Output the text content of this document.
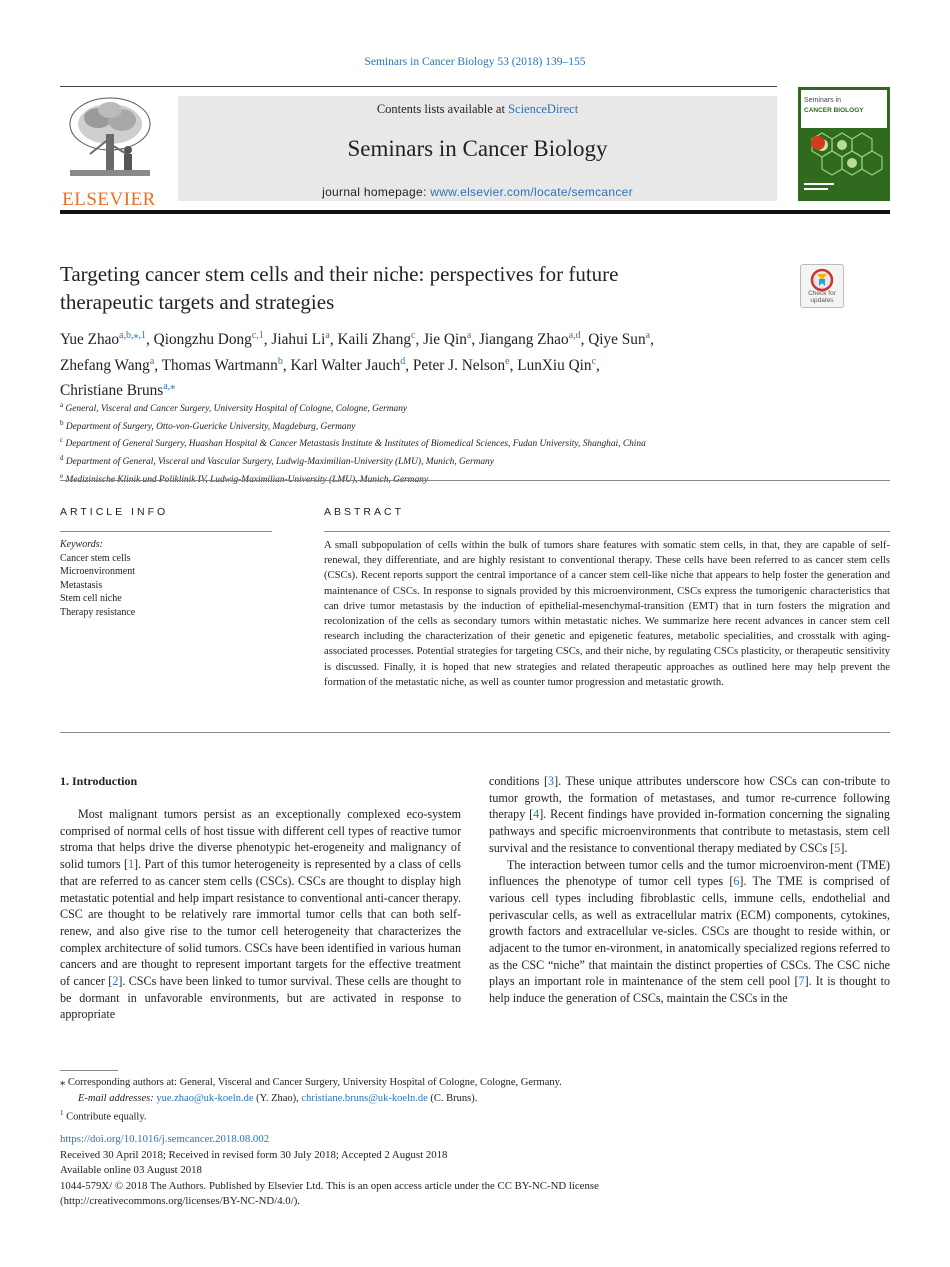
Seminars in Cancer Biology 53 (2018) 139–155
ELSEVIER
Contents lists available at ScienceDirect
Seminars in Cancer Biology
journal homepage: www.elsevier.com/locate/semcancer
Seminars in
CANCER BIOLOGY
Targeting cancer stem cells and their niche: perspectives for future
therapeutic targets and strategies	Check for
updates
Yue Zhao$^{a,b,⁎,1}$, Qiongzhu Dong$^{c,1}$, Jiahui Li$^a$, Kaili Zhang$^c$, Jie Qin$^a$, Jiangang Zhao$^{a,d}$, Qiye Sun$^a$,
Zhefang Wang$^a$, Thomas Wartmann$^b$, Karl Walter Jauch$^d$, Peter J. Nelson$^e$, LunXiu Qin$^c$,
Christiane Bruns$^{a,⁎}$
$^a$ General, Visceral and Cancer Surgery, University Hospital of Cologne, Cologne, Germany
$^b$ Department of Surgery, Otto-von-Guericke University, Magdeburg, Germany
$^c$ Department of General Surgery, Huashan Hospital & Cancer Metastasis Institute & Institutes of Biomedical Sciences, Fudan University, Shanghai, China
$^d$ Department of General, Visceral und Vascular Surgery, Ludwig-Maximilian-University (LMU), Munich, Germany
$^e$ Medizinische Klinik und Poliklinik IV, Ludwig-Maximilian-University (LMU), Munich, Germany
ARTICLE INFO	ABSTRACT
Keywords:
Cancer stem cells
Microenvironment
Metastasis
Stem cell niche
Therapy resistance
A small subpopulation of cells within the bulk of tumors share features with somatic stem cells, in that, they are capable of self-renewal, they differentiate, and are highly resistant to conventional therapy. These cells have been referred to as cancer stem cells (CSCs). Recent reports support the central importance of a cancer stem cell-like niche that appears to help foster the generation and maintenance of CSCs. In response to signals provided by this microenvironment, CSCs express the tumorigenic characteristics that can drive tumor metastasis by the induction of epithelial-mesenchymal-transition (EMT) that in turn fosters the migration and recolonization of the cells as secondary tumors within metastatic niches. We summarize here recent advances in cancer stem cell research including the characterization of their genetic and epigenetic features, metabolic specialities, and crosstalk with aging-associated processes. Potential strategies for targeting CSCs, and their niche, by regulating CSCs plasticity, or therapeutic sensitivity is discussed. Finally, it is hoped that new strategies and related therapeutic approaches as outlined here may help prevent the formation of the metastatic niche, as well as counter tumor progression and metastatic growth.
1. Introduction

Most malignant tumors persist as an exceptionally complexed eco-system comprised of normal cells of host tissue with different cell types of reactive tumor stroma that helps drive the diverse phenotypic het-erogeneity and malignancy of solid tumors [1]. Part of this tumor heterogeneity is represented by a class of cells that are referred to as cancer stem cells (CSCs). CSCs are thought to display high metastatic potential and help impart resistance to conventional anti-cancer therapy. CSC are thought to be relatively rare immortal tumor cells that can both self-renew, and also give rise to the tumor cell heterogeneity that characterizes the complex architecture of solid tumors. CSCs have been identified in various human cancers and are thought to represent important targets for the effective treatment of cancer [2]. CSCs have been linked to tumor survival. These cells are thought to be dormant in unfavorable environments, but are activated in response to appropriate

conditions [3]. These unique attributes underscore how CSCs can con-tribute to tumor growth, the formation of metastases, and tumor re-currence following therapy [4]. Recent findings have provided in-formation concerning the signaling pathways and specific microenvironments that contribute to metastasis, stem cell survival and the resistance to conventional therapy mediated by CSCs [5].

The interaction between tumor cells and the tumor microenviron-ment (TME) influences the phenotype of tumor cell types [6]. The TME is comprised of various cell types including fibroblastic cells, immune cells, endothelial and perivascular cells, as well as extracellular matrix (ECM) components, cytokines, growth factors and extracellular ve-sicles. CSCs are thought to reside within, or adjacent to the tumor en-vironment, in anatomically specialized regions referred to as the CSC “niche” that maintain the distinct properties of CSCs. The CSC niche plays an important role in maintenance of the stem cell pool [7]. It is thought to help induce the generation of CSCs, maintain the CSCs in the

⁎ Corresponding authors at: General, Visceral and Cancer Surgery, University Hospital of Cologne, Cologne, Germany.
E-mail addresses: yue.zhao@uk-koeln.de (Y. Zhao), christiane.bruns@uk-koeln.de (C. Bruns).
$^1$ Contribute equally.
https://doi.org/10.1016/j.semcancer.2018.08.002
Received 30 April 2018; Received in revised form 30 July 2018; Accepted 2 August 2018
Available online 03 August 2018
1044-579X/ © 2018 The Authors. Published by Elsevier Ltd. This is an open access article under the CC BY-NC-ND license
(http://creativecommons.org/licenses/BY-NC-ND/4.0/).
